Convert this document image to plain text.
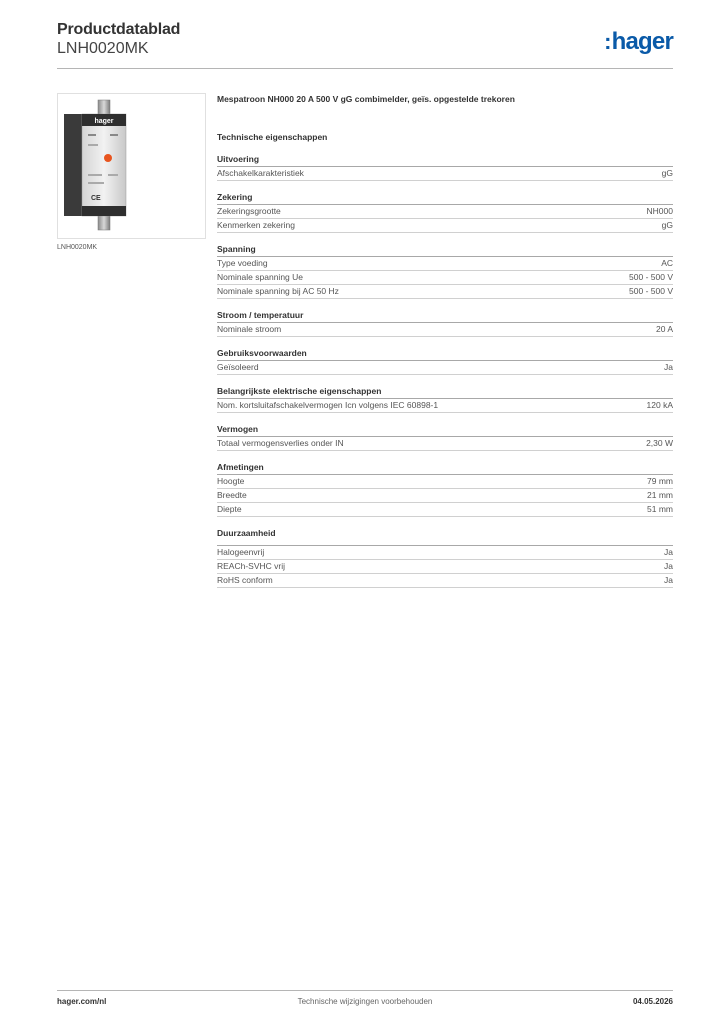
Productdatablad
LNH0020MK	:hager
hager
CE
LNH0020MK
Mespatroon NH000 20 A 500 V gG combimelder, geïs. opgestelde trekoren
Technische eigenschappen
Uitvoering
Afschakelkarakteristiek	gG
Zekering
Zekeringsgrootte	NH000
Kenmerken zekering	gG
Spanning
Type voeding	AC
Nominale spanning Ue	500 - 500 V
Nominale spanning bij AC 50 Hz	500 - 500 V
Stroom / temperatuur
Nominale stroom	20 A
Gebruiksvoorwaarden
Geïsoleerd	Ja
Belangrijkste elektrische eigenschappen
Nom. kortsluitafschakelvermogen Icn volgens IEC 60898-1	120 kA
Vermogen
Totaal vermogensverlies onder IN	2,30 W
Afmetingen
Hoogte	79 mm
Breedte	21 mm
Diepte	51 mm
Duurzaamheid
Halogeenvrij	Ja
REACh-SVHC vrij	Ja
RoHS conform	Ja
Technische wijzigingen voorbehouden
hager.com/nl	04.05.2026
